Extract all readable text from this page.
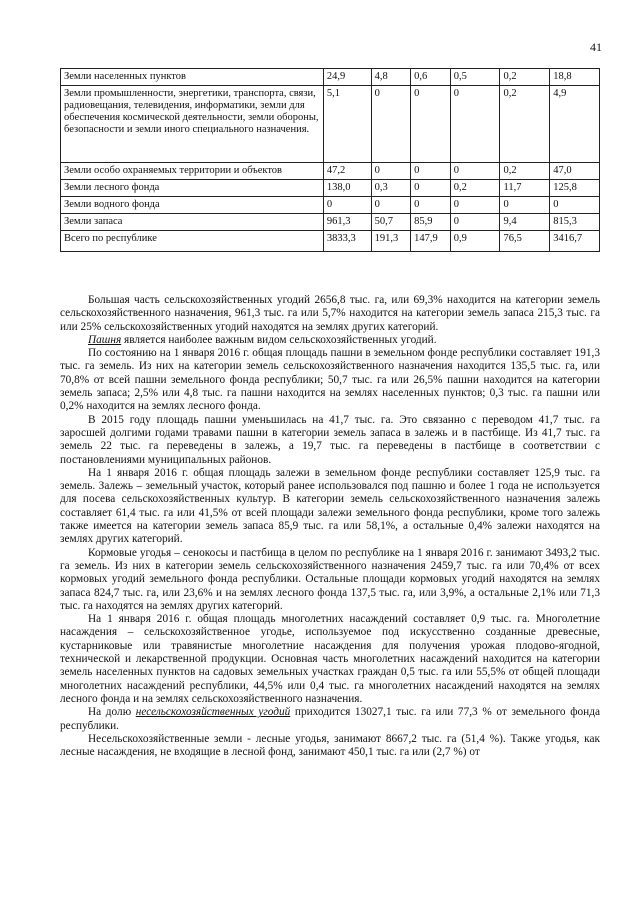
41
Земли населенных пунктов	24,9	4,8	0,6	0,5	0,2	18,8
Земли промышленности, энергетики, транспорта, связи, радиовещания, телевидения, информатики, земли для обеспечения космической деятельности, земли обороны, безопасности и земли иного специального назначения.	5,1	0	0	0	0,2	4,9
Земли особо охраняемых территории и объектов	47,2	0	0	0	0,2	47,0
Земли лесного фонда	138,0	0,3	0	0,2	11,7	125,8
Земли водного фонда	0	0	0	0	0	0
Земли запаса	961,3	50,7	85,9	0	9,4	815,3
Всего по республике	3833,3	191,3	147,9	0,9	76,5	3416,7

Большая часть сельскохозяйственных угодий 2656,8 тыс. га, или 69,3% находится на категории земель сельскохозяйственного назначения, 961,3 тыс. га или 5,7% находится на категории земель запаса 215,3 тыс. га или 25% сельскохозяйственных угодий находятся на землях других категорий.

Пашня является наиболее важным видом сельскохозяйственных угодий.

По состоянию на 1 января 2016 г. общая площадь пашни в земельном фонде республики составляет 191,3 тыс. га земель. Из них на категории земель сельскохозяйственного назначения находится 135,5 тыс. га, или 70,8% от всей пашни земельного фонда республики; 50,7 тыс. га или 26,5% пашни находится на категории земель запаса; 2,5% или 4,8 тыс. га пашни находится на землях населенных пунктов; 0,3 тыс. га пашни или 0,2% находится на землях лесного фонда.

В 2015 году площадь пашни уменьшилась на 41,7 тыс. га. Это связанно с переводом 41,7 тыс. га заросшей долгими годами травами пашни в категории земель запаса в залежь и в пастбище. Из 41,7 тыс. га земель 22 тыс. га переведены в залежь, а 19,7 тыс. га переведены в пастбище в соответствии с постановлениями муниципальных районов.

На 1 января 2016 г. общая площадь залежи в земельном фонде республики составляет 125,9 тыс. га земель. Залежь – земельный участок, который ранее использовался под пашню и более 1 года не используется для посева сельскохозяйственных культур. В категории земель сельскохозяйственного назначения залежь составляет 61,4 тыс. га или 41,5% от всей площади залежи земельного фонда республики, кроме того залежь также имеется на категории земель запаса 85,9 тыс. га или 58,1%, а остальные 0,4% залежи находятся на землях других категорий.

Кормовые угодья – сенокосы и пастбища в целом по республике на 1 января 2016 г. занимают 3493,2 тыс. га земель. Из них в категории земель сельскохозяйственного назначения 2459,7 тыс. га или 70,4% от всех кормовых угодий земельного фонда республики. Остальные площади кормовых угодий находятся на землях запаса 824,7 тыс. га, или 23,6% и на землях лесного фонда 137,5 тыс. га, или 3,9%, а остальные 2,1% или 71,3 тыс. га находятся на землях других категорий.

На 1 января 2016 г. общая площадь многолетних насаждений составляет 0,9 тыс. га. Многолетние насаждения – сельскохозяйственное угодье, используемое под искусственно созданные древесные, кустарниковые или травянистые многолетние насаждения для получения урожая плодово-ягодной, технической и лекарственной продукции. Основная часть многолетних насаждений находится на категории земель населенных пунктов на садовых земельных участках граждан 0,5 тыс. га или 55,5% от общей площади многолетних насаждений республики, 44,5% или 0,4 тыс. га многолетних насаждений находятся на землях лесного фонда и на землях сельскохозяйственного назначения.

На долю несельскохозяйственных угодий приходится 13027,1 тыс. га или 77,3 % от земельного фонда республики.

Несельскохозяйственные земли - лесные угодья, занимают 8667,2 тыс. га (51,4 %). Также угодья, как лесные насаждения, не входящие в лесной фонд, занимают 450,1 тыс. га или (2,7 %) от
